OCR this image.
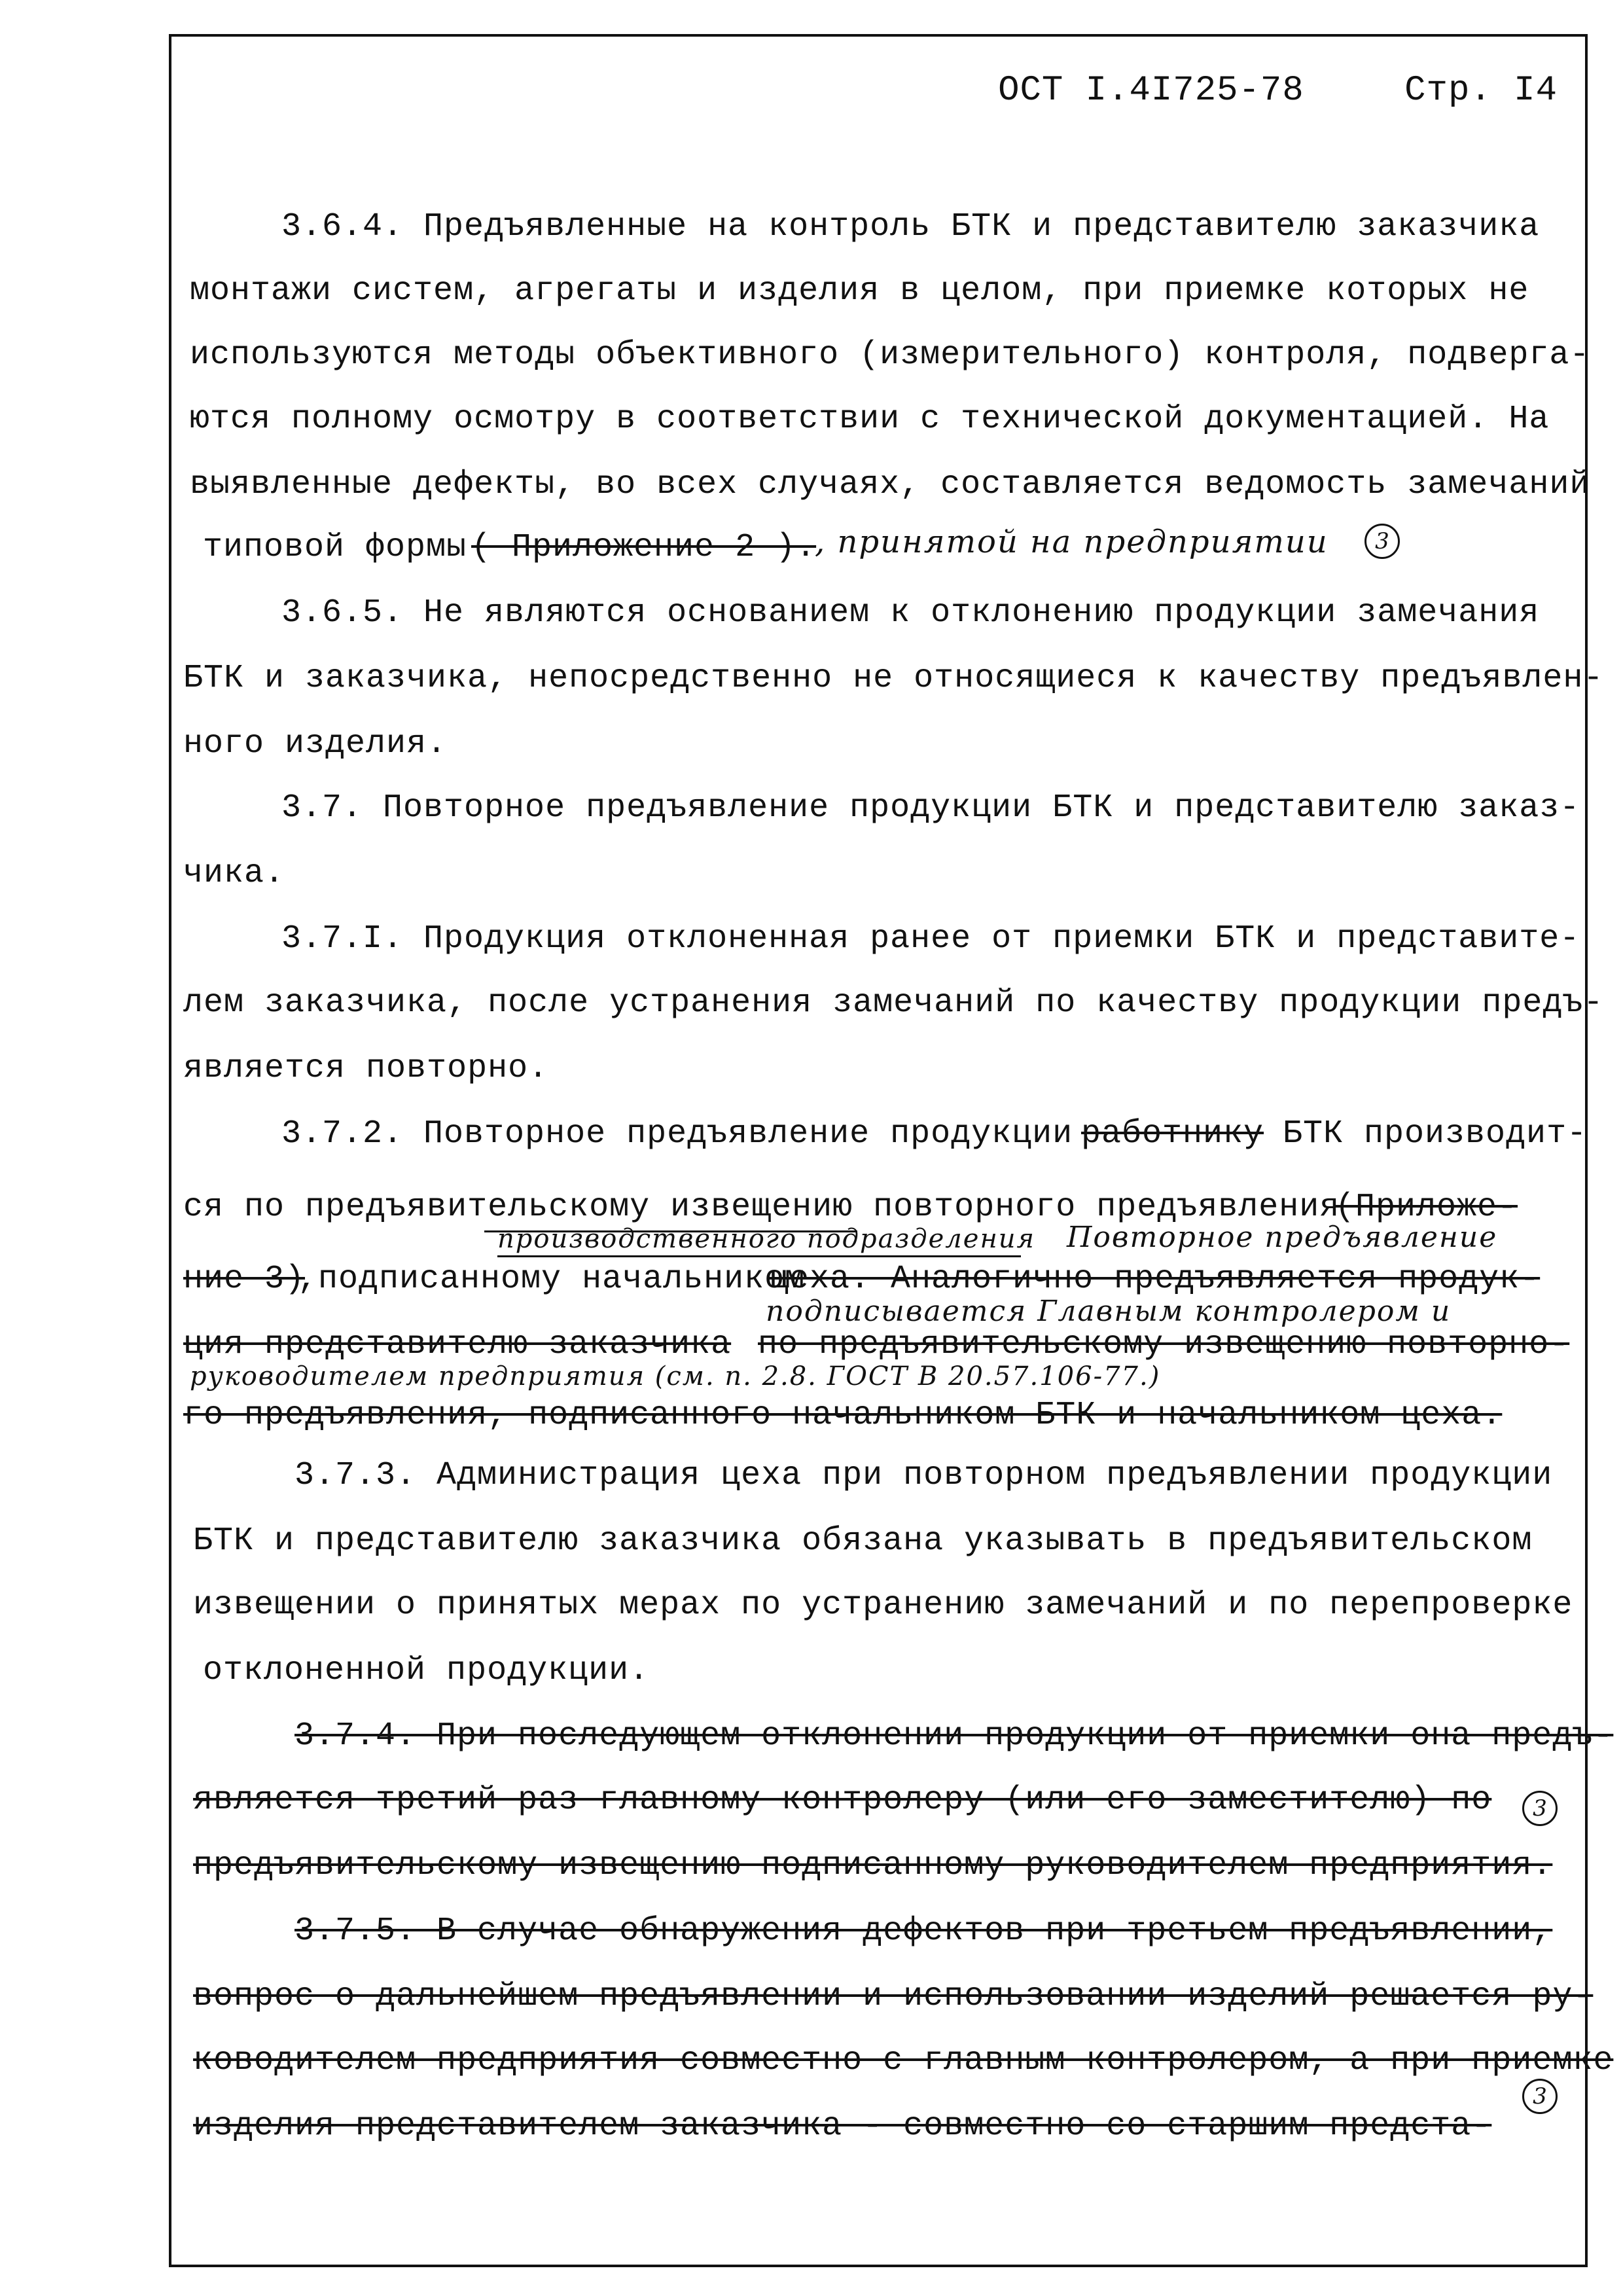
ОСТ I.4I725-78	Стр. I4
3.6.4. Предъявленные на контроль БТК и представителю заказчика
монтажи систем, агрегаты и изделия в целом, при приемке которых не
используются методы объективного (измерительного) контроля, подверга-
ются полному осмотру в соответствии с технической документацией. На
выявленные дефекты, во всех случаях, составляется ведомость замечаний
типовой формы ( Приложение 2 ).
, принятой на предприятии	3
3.6.5. Не являются основанием к отклонению продукции замечания
БТК и заказчика, непосредственно не относящиеся к качеству предъявлен-
ного изделия.
3.7. Повторное предъявление продукции БТК и представителю заказ-
чика.
3.7.I. Продукция отклоненная ранее от приемки БТК и представите-
лем заказчика, после устранения замечаний по качеству продукции предъ-
является повторно.
3.7.2. Повторное предъявление продукции работнику БТК производит-
ся по предъявительскому извещению повторного предъявления
(Приложе-
производственного подразделения Повторное предъявление
ние 3)
,подписанному начальником
цеха. Аналогично предъявляется продук-
подписывается Главным контролером и
ция представителю заказчика по предъявительскому извещению повторно-
руководителем предприятия (см. п. 2.8. ГОСТ В 20.57.106-77.)
го предъявления, подписанного начальником БТК и начальником цеха.
3.7.3. Администрация цеха при повторном предъявлении продукции
БТК и представителю заказчика обязана указывать в предъявительском
извещении о принятых мерах по устранению замечаний и по перепроверке
отклоненной продукции.
3.7.4. При последующем отклонении продукции от приемки она предъ-
является третий раз главному контролеру (или его заместителю) по	3
предъявительскому извещению подписанному руководителем предприятия.
3.7.5. В случае обнаружения дефектов при третьем предъявлении,
вопрос о дальнейшем предъявлении и использовании изделий решается ру-
ководителем предприятия совместно с главным контролером, а при приемке
3
изделия представителем заказчика - совместно со старшим предста-
